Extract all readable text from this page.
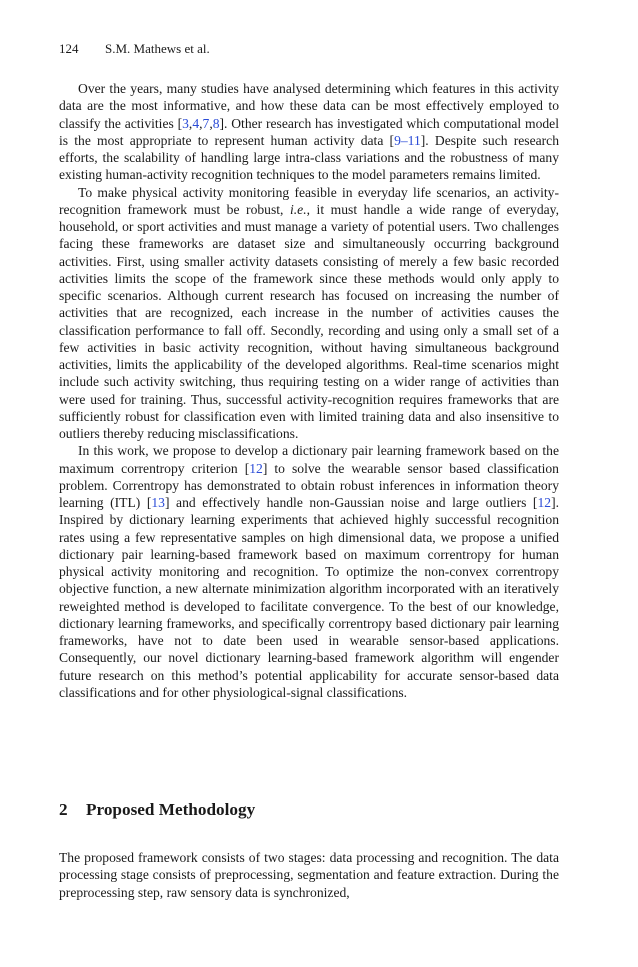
124 S.M. Mathews et al.

Over the years, many studies have analysed determining which features in this activity data are the most informative, and how these data can be most effectively employed to classify the activities [3,4,7,8]. Other research has investigated which computational model is the most appropriate to represent human activity data [9–11]. Despite such research efforts, the scalability of handling large intra-class variations and the robustness of many existing human-activity recognition techniques to the model parameters remains limited.

To make physical activity monitoring feasible in everyday life scenarios, an activity-recognition framework must be robust, i.e., it must handle a wide range of everyday, household, or sport activities and must manage a variety of potential users. Two challenges facing these frameworks are dataset size and simultaneously occurring background activities. First, using smaller activity datasets consisting of merely a few basic recorded activities limits the scope of the framework since these methods would only apply to specific scenarios. Although current research has focused on increasing the number of activities that are recognized, each increase in the number of activities causes the classification performance to fall off. Secondly, recording and using only a small set of a few activities in basic activity recognition, without having simultaneous background activities, limits the applicability of the developed algorithms. Real-time scenarios might include such activity switching, thus requiring testing on a wider range of activities than were used for training. Thus, successful activity-recognition requires frameworks that are sufficiently robust for classification even with limited training data and also insensitive to outliers thereby reducing misclassifications.

In this work, we propose to develop a dictionary pair learning framework based on the maximum correntropy criterion [12] to solve the wearable sensor based classification problem. Correntropy has demonstrated to obtain robust inferences in information theory learning (ITL) [13] and effectively handle non-Gaussian noise and large outliers [12]. Inspired by dictionary learning experiments that achieved highly successful recognition rates using a few representative samples on high dimensional data, we propose a unified dictionary pair learning-based framework based on maximum correntropy for human physical activity monitoring and recognition. To optimize the non-convex correntropy objective function, a new alternate minimization algorithm incorporated with an iteratively reweighted method is developed to facilitate convergence. To the best of our knowledge, dictionary learning frameworks, and specifically correntropy based dictionary pair learning frameworks, have not to date been used in wearable sensor-based applications. Consequently, our novel dictionary learning-based framework algorithm will engender future research on this method’s potential applicability for accurate sensor-based data classifications and for other physiological-signal classifications.

2 Proposed Methodology

The proposed framework consists of two stages: data processing and recognition. The data processing stage consists of preprocessing, segmentation and feature extraction. During the preprocessing step, raw sensory data is synchronized,
